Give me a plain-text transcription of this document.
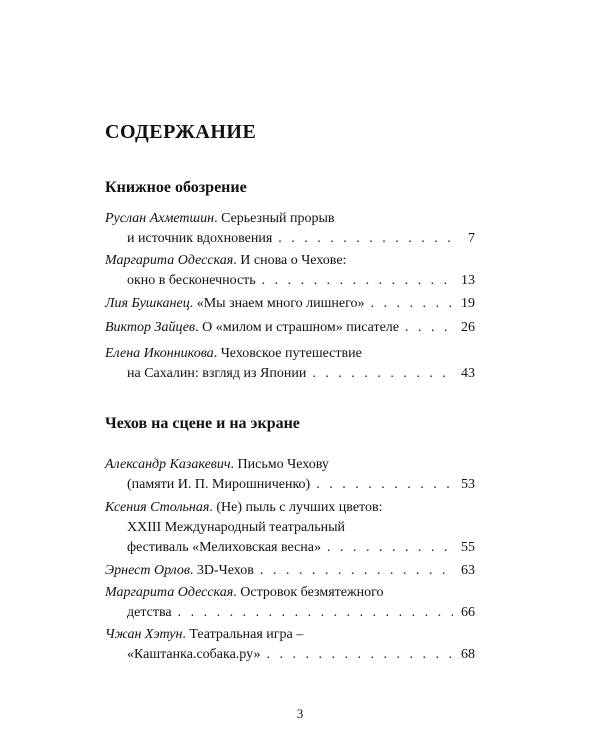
СОДЕРЖАНИЕ
Книжное обозрение
Руслан Ахметшин. Серьезный прорыв
и источник вдохновения . . .	7
Маргарита Одесская. И снова о Чехове:
окно в бесконечность . . .	13
Лия Бушканец. «Мы знаем много лишнего» . . .	19
Виктор Зайцев. О «милом и страшном» писателе . . .	26
Елена Иконникова. Чеховское путешествие
на Сахалин: взгляд из Японии . . .	43
Чехов на сцене и на экране
Александр Казакевич. Письмо Чехову
(памяти И. П. Мирошниченко) . . .	53
Ксения Стольная. (Не) пыль с лучших цветов:
XXIII Международный театральный
фестиваль «Мелиховская весна» . . .	55
Эрнест Орлов. 3D-Чехов . . .	63
Маргарита Одесская. Островок безмятежного
детства . . .	66
Чжан Хэтун. Театральная игра –
«Каштанка.собака.ру» . . .	68
3
